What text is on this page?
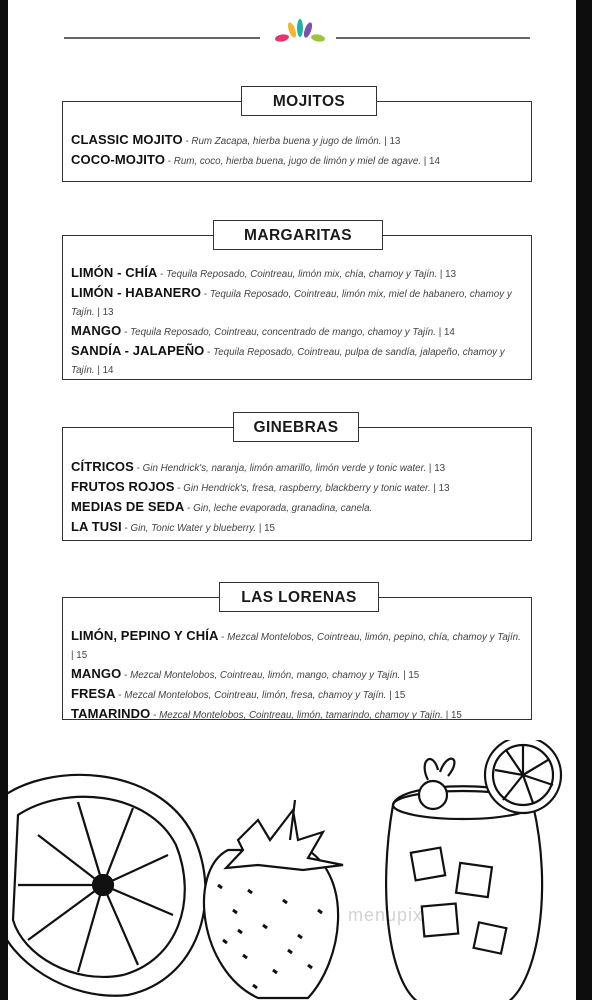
MOJITOS
CLASSIC MOJITO - Rum Zacapa, hierba buena y jugo de limón. | 13
COCO-MOJITO - Rum, coco, hierba buena, jugo de limón y miel de agave. | 14
MARGARITAS
LIMÓN - CHÍA - Tequila Reposado, Cointreau, limón mix, chía, chamoy y Tajín. | 13
LIMÓN - HABANERO - Tequila Reposado, Cointreau, limón mix, miel de habanero, chamoy y Tajín. | 13
MANGO - Tequila Reposado, Cointreau, concentrado de mango, chamoy y Tajín. | 14
SANDÍA - JALAPEÑO - Tequila Reposado, Cointreau, pulpa de sandía, jalapeño, chamoy y Tajín. | 14
GINEBRAS
CÍTRICOS - Gin Hendrick's, naranja, limón amarillo, limón verde y tonic water. | 13
FRUTOS ROJOS - Gin Hendrick's, fresa, raspberry, blackberry y tonic water. | 13
MEDIAS DE SEDA - Gin, leche evaporada, granadina, canela.
LA TUSI - Gin, Tonic Water y blueberry. | 15
LAS LORENAS
LIMÓN, PEPINO Y CHÍA - Mezcal Montelobos, Cointreau, limón, pepino, chía, chamoy y Tajín. | 15
MANGO - Mezcal Montelobos, Cointreau, limón, mango, chamoy y Tajín. | 15
FRESA - Mezcal Montelobos, Cointreau, limón, fresa, chamoy y Tajín. | 15
TAMARINDO - Mezcal Montelobos, Cointreau, limón, tamarindo, chamoy y Tajín. | 15
menupix
